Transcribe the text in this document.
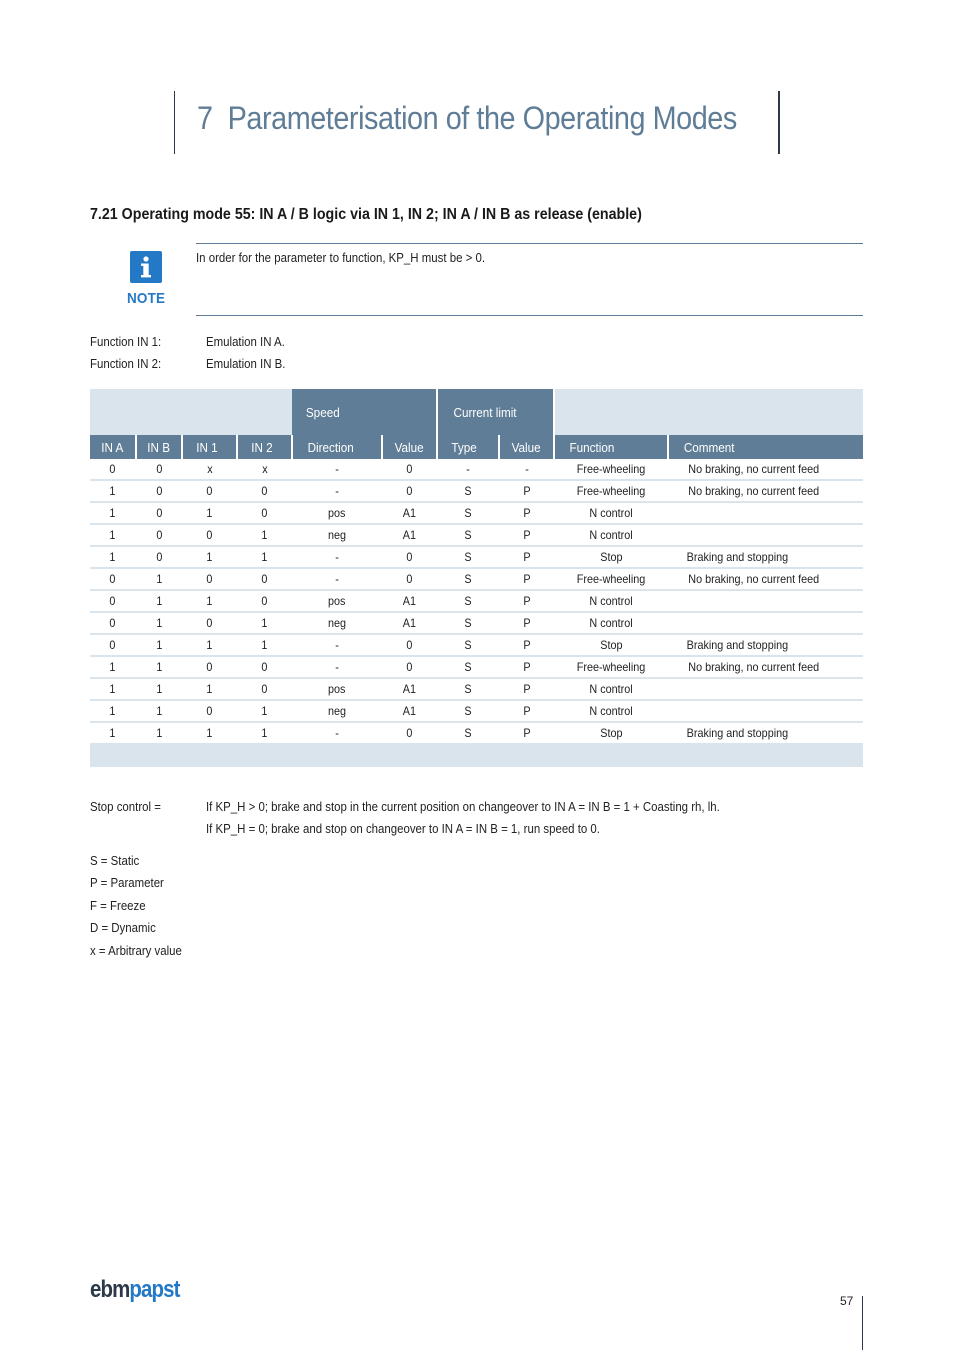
7 Parameterisation of the Operating Modes
7.21 Operating mode 55: IN A / B logic via IN 1, IN 2; IN A / IN B as release (enable)
NOTE
In order for the parameter to function, KP_H must be > 0.
Function IN 1:	Emulation IN A.
Function IN 2:	Emulation IN B.
				Speed		Current limit			
IN A	IN B	IN 1	IN 2	Direction	Value	Type	Value	Function	Comment
0	0	x	x	-	0	-	-	Free-wheeling	No braking, no current feed
1	0	0	0	-	0	S	P	Free-wheeling	No braking, no current feed
1	0	1	0	pos	A1	S	P	N control	
1	0	0	1	neg	A1	S	P	N control	
1	0	1	1	-	0	S	P	Stop	Braking and stopping
0	1	0	0	-	0	S	P	Free-wheeling	No braking, no current feed
0	1	1	0	pos	A1	S	P	N control	
0	1	0	1	neg	A1	S	P	N control	
0	1	1	1	-	0	S	P	Stop	Braking and stopping
1	1	0	0	-	0	S	P	Free-wheeling	No braking, no current feed
1	1	1	0	pos	A1	S	P	N control	
1	1	0	1	neg	A1	S	P	N control	
1	1	1	1	-	0	S	P	Stop	Braking and stopping
Stop control =	If KP_H > 0; brake and stop in the current position on changeover to IN A = IN B = 1 + Coasting rh, lh.
If KP_H = 0; brake and stop on changeover to IN A = IN B = 1, run speed to 0.
S = Static
P = Parameter
F = Freeze
D = Dynamic
x = Arbitrary value
ebmpapst	57
